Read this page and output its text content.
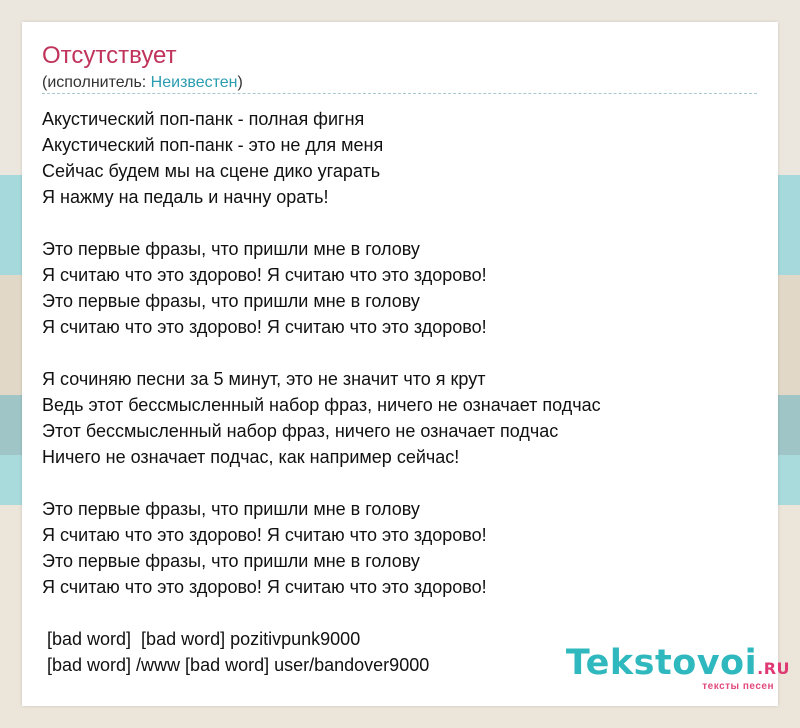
Отсутствует
(исполнитель: Неизвестен)
Акустический поп-панк - полная фигня
Акустический поп-панк - это не для меня
Сейчас будем мы на сцене дико угарать
Я нажму на педаль и начну орать!
Это первые фразы, что пришли мне в голову
Я считаю что это здорово! Я считаю что это здорово!
Это первые фразы, что пришли мне в голову
Я считаю что это здорово! Я считаю что это здорово!
Я сочиняю песни за 5 минут, это не значит что я крут
Ведь этот бессмысленный набор фраз, ничего не означает подчас
Этот бессмысленный набор фраз, ничего не означает подчас
Ничего не означает подчас, как например сейчас!
Это первые фразы, что пришли мне в голову
Я считаю что это здорово! Я считаю что это здорово!
Это первые фразы, что пришли мне в голову
Я считаю что это здорово! Я считаю что это здорово!
[bad word]  [bad word] pozitivpunk9000
[bad word] /www [bad word] user/bandover9000	Tekstovoi.RU
тексты песен
